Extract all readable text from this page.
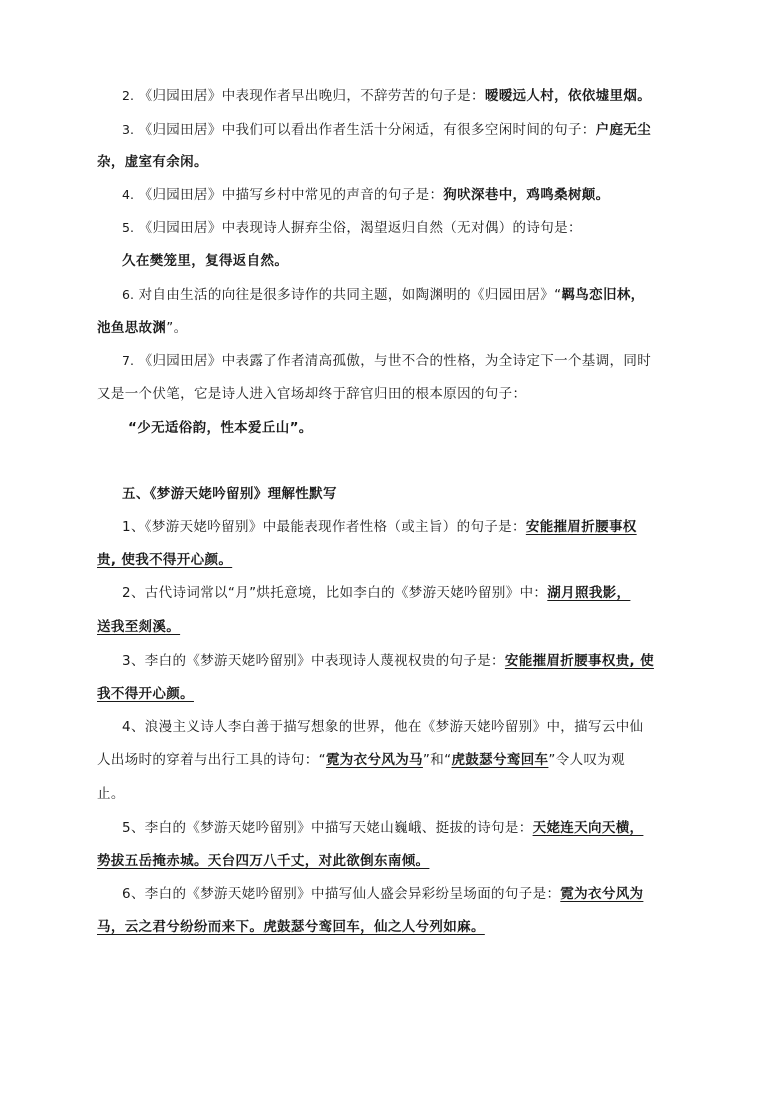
2. 《归园田居》中表现作者早出晚归，不辞劳苦的句子是：暧暧远人村，依依墟里烟。
3. 《归园田居》中我们可以看出作者生活十分闲适，有很多空闲时间的句子：户庭无尘
杂，虚室有余闲。
4. 《归园田居》中描写乡村中常见的声音的句子是：狗吠深巷中，鸡鸣桑树颠。
5. 《归园田居》中表现诗人摒弃尘俗，渴望返归自然（无对偶）的诗句是：
久在樊笼里，复得返自然。
6. 对自由生活的向往是很多诗作的共同主题，如陶渊明的《归园田居》“羁鸟恋旧林，
池鱼思故渊”。
7. 《归园田居》中表露了作者清高孤傲，与世不合的性格，为全诗定下一个基调，同时
又是一个伏笔，它是诗人进入官场却终于辞官归田的根本原因的句子：
“少无适俗韵，性本爱丘山”。
五、《梦游天姥吟留别》理解性默写
1、《梦游天姥吟留别》中最能表现作者性格（或主旨）的句子是：安能摧眉折腰事权
贵, 使我不得开心颜。
2、古代诗词常以“月”烘托意境，比如李白的《梦游天姥吟留别》中：湖月照我影，
送我至剡溪。
3、李白的《梦游天姥吟留别》中表现诗人蔑视权贵的句子是：安能摧眉折腰事权贵, 使
我不得开心颜。
4、浪漫主义诗人李白善于描写想象的世界，他在《梦游天姥吟留别》中，描写云中仙
人出场时的穿着与出行工具的诗句：“霓为衣兮风为马”和“虎鼓瑟兮鸾回车”令人叹为观
止。
5、李白的《梦游天姥吟留别》中描写天姥山巍峨、挺拔的诗句是：天姥连天向天横，
势拔五岳掩赤城。天台四万八千丈，对此欲倒东南倾。
6、李白的《梦游天姥吟留别》中描写仙人盛会异彩纷呈场面的句子是：霓为衣兮风为
马，云之君兮纷纷而来下。虎鼓瑟兮鸾回车，仙之人兮列如麻。
